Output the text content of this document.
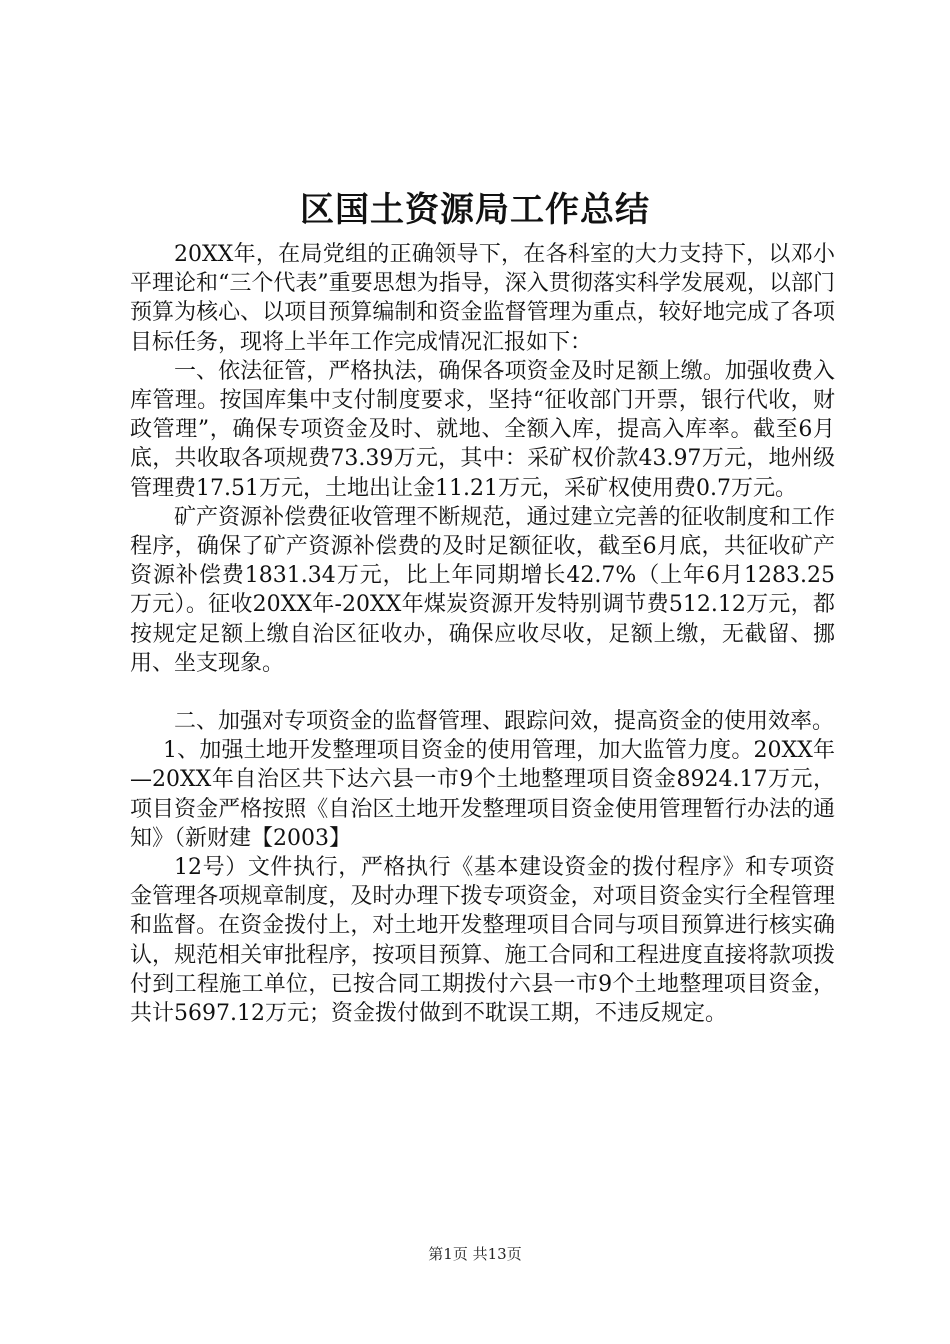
区国土资源局工作总结

20XX年，在局党组的正确领导下，在各科室的大力支持下，以邓小平理论和“三个代表”重要思想为指导，深入贯彻落实科学发展观，以部门预算为核心、以项目预算编制和资金监督管理为重点，较好地完成了各项目标任务，现将上半年工作完成情况汇报如下：

一、依法征管，严格执法，确保各项资金及时足额上缴。加强收费入库管理。按国库集中支付制度要求，坚持“征收部门开票，银行代收，财政管理”，确保专项资金及时、就地、全额入库，提高入库率。截至6月底，共收取各项规费73.39万元，其中：采矿权价款43.97万元，地州级管理费17.51万元，土地出让金11.21万元，采矿权使用费0.7万元。

矿产资源补偿费征收管理不断规范，通过建立完善的征收制度和工作程序，确保了矿产资源补偿费的及时足额征收，截至6月底，共征收矿产资源补偿费1831.34万元，比上年同期增长42.7%（上年6月1283.25万元）。征收20XX年-20XX年煤炭资源开发特别调节费512.12万元，都按规定足额上缴自治区征收办，确保应收尽收，足额上缴，无截留、挪用、坐支现象。

二、加强对专项资金的监督管理、跟踪问效，提高资金的使用效率。

1、加强土地开发整理项目资金的使用管理，加大监管力度。20XX年—20XX年自治区共下达六县一市9个土地整理项目资金8924.17万元，项目资金严格按照《自治区土地开发整理项目资金使用管理暂行办法的通知》（新财建【2003】

12号）文件执行，严格执行《基本建设资金的拨付程序》和专项资金管理各项规章制度，及时办理下拨专项资金，对项目资金实行全程管理和监督。在资金拨付上，对土地开发整理项目合同与项目预算进行核实确认，规范相关审批程序，按项目预算、施工合同和工程进度直接将款项拨付到工程施工单位，已按合同工期拨付六县一市9个土地整理项目资金，共计5697.12万元；资金拨付做到不耽误工期，不违反规定。

第1页 共13页
